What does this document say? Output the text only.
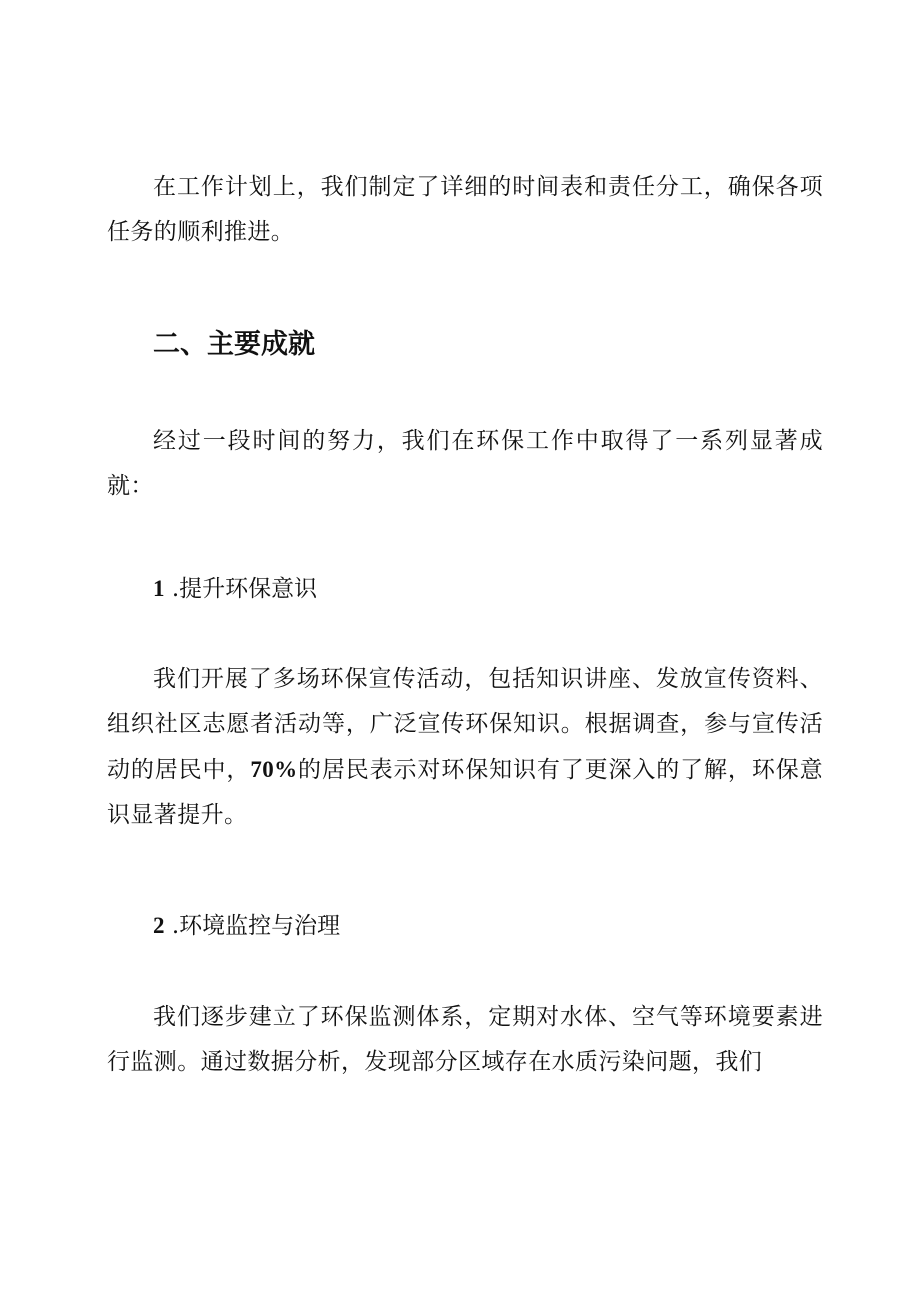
在工作计划上，我们制定了详细的时间表和责任分工，确保各项任务的顺利推进。

二、主要成就

经过一段时间的努力，我们在环保工作中取得了一系列显著成就：

1 .提升环保意识

我们开展了多场环保宣传活动，包括知识讲座、发放宣传资料、组织社区志愿者活动等，广泛宣传环保知识。根据调查，参与宣传活动的居民中，70%的居民表示对环保知识有了更深入的了解，环保意识显著提升。

2 .环境监控与治理

我们逐步建立了环保监测体系，定期对水体、空气等环境要素进行监测。通过数据分析，发现部分区域存在水质污染问题，我们
